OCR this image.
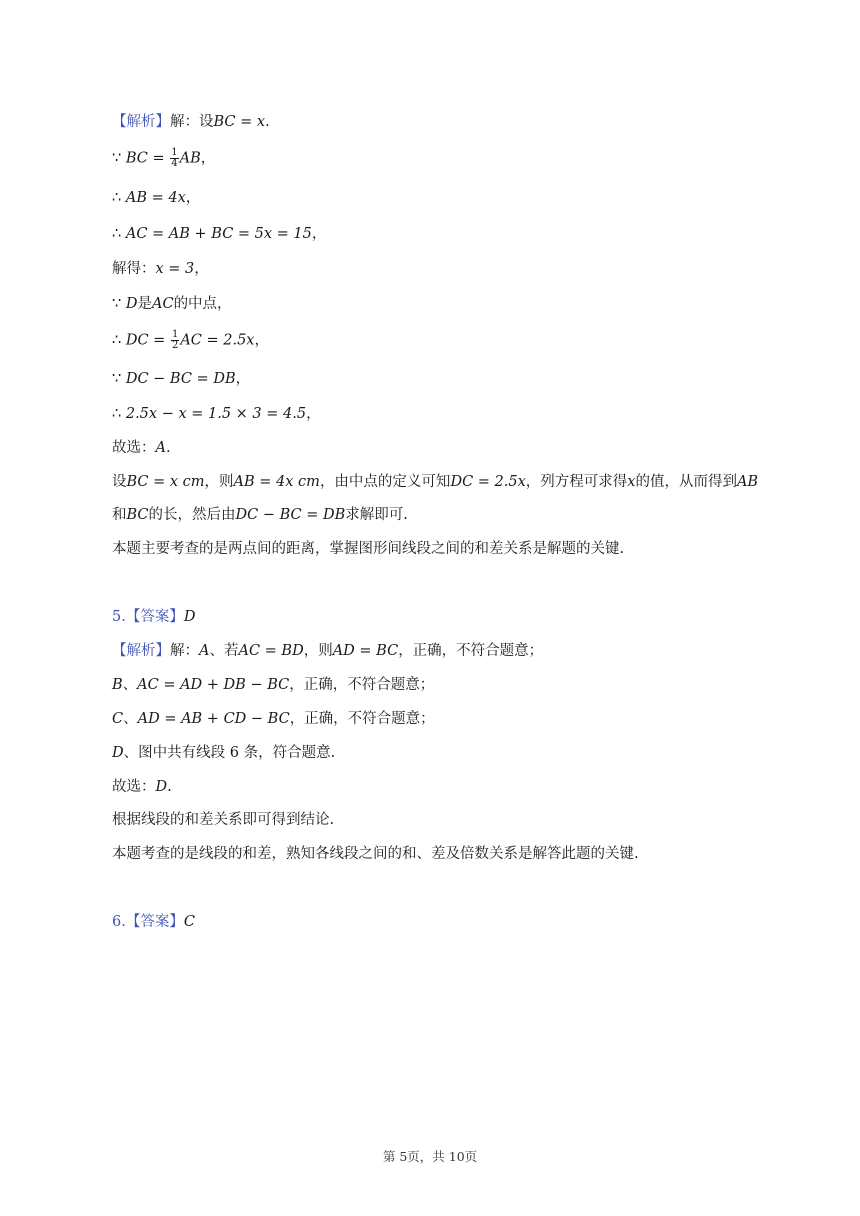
【解析】解：设BC = x.
∵ BC = $\frac{1}{4}$ AB，
∴ AB = 4x，
∴ AC = AB + BC = 5x = 15，
解得：x = 3，
∵ D是AC的中点，
∴ DC = $\frac{1}{2}$ AC = 2.5x，
∵ DC − BC = DB，
∴ 2.5x − x = 1.5 × 3 = 4.5，
故选：A.
设BC = x cm，则AB = 4x cm，由中点的定义可知DC = 2.5x，列方程可求得x的值，从而得到AB
和BC的长，然后由DC − BC = DB求解即可.
本题主要考查的是两点间的距离，掌握图形间线段之间的和差关系是解题的关键.
5.【答案】D
【解析】解：A、若AC = BD，则AD = BC，正确，不符合题意；
B、AC = AD + DB − BC，正确，不符合题意；
C、AD = AB + CD − BC，正确，不符合题意；
D、图中共有线段 6 条，符合题意.
故选：D.
根据线段的和差关系即可得到结论.
本题考查的是线段的和差，熟知各线段之间的和、差及倍数关系是解答此题的关键.
6.【答案】C
第 5页，共 10页
